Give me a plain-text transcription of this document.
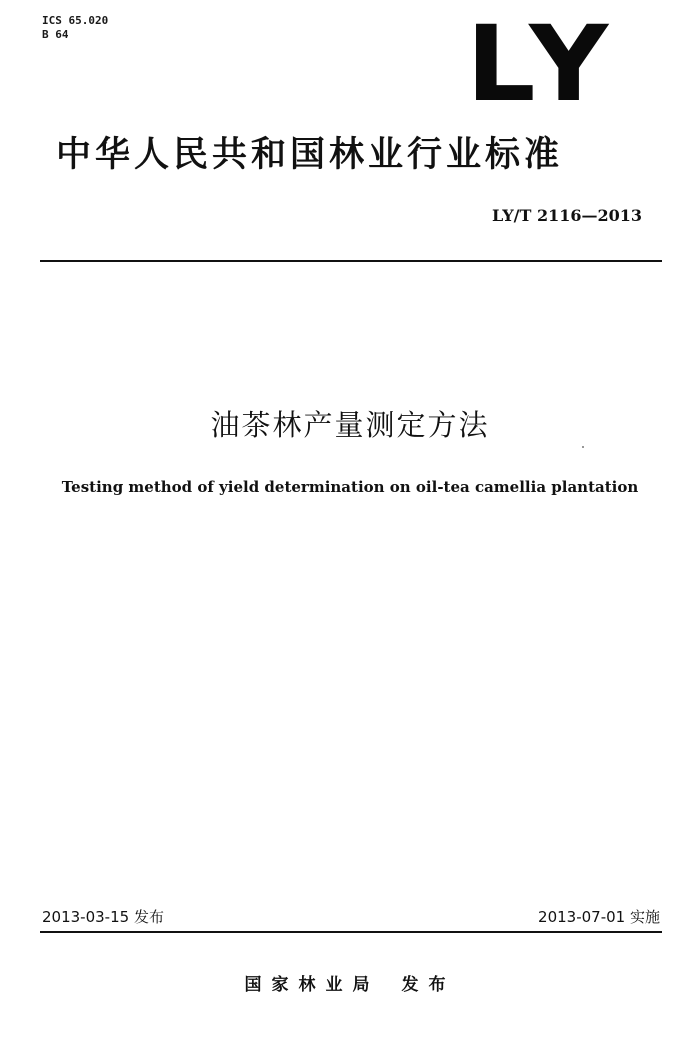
ICS 65.020
B 64	LY
中华人民共和国林业行业标准
LY/T 2116—2013
油茶林产量测定方法
Testing method of yield determination on oil-tea camellia plantation
2013-03-15 发布	2013-07-01 实施
国家林业局 发布
